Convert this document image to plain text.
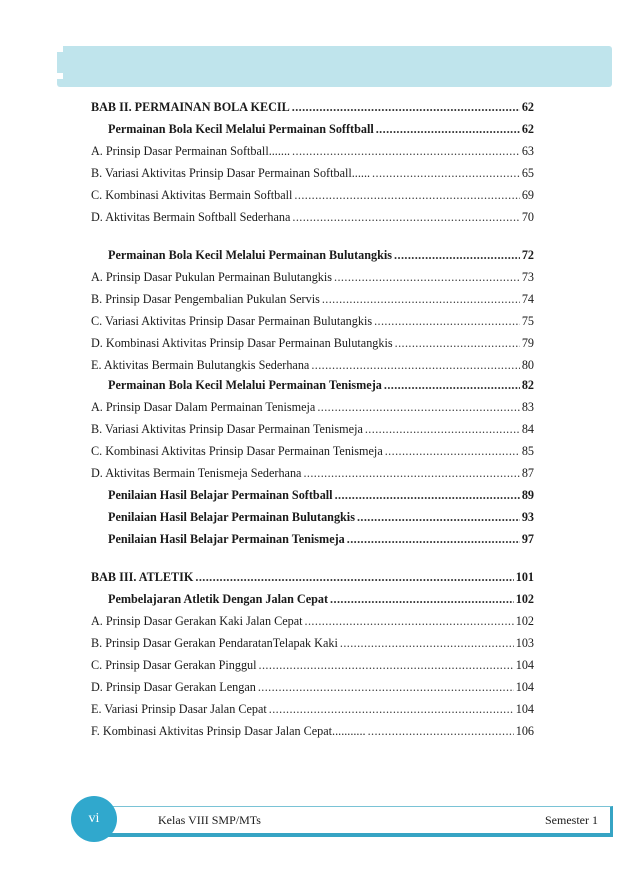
BAB II. PERMAINAN BOLA KECIL .....	62
Permainan Bola Kecil Melalui Permainan Sofftball .....	62
A. Prinsip Dasar Permainan Softball....... .....	63
B. Variasi Aktivitas Prinsip Dasar Permainan Softball...... .....	65
C. Kombinasi Aktivitas Bermain Softball .....	69
D. Aktivitas Bermain Softball Sederhana .....	70
Permainan Bola Kecil Melalui Permainan Bulutangkis .....	72
A. Prinsip Dasar Pukulan Permainan Bulutangkis .....	73
B. Prinsip Dasar Pengembalian Pukulan Servis .....	74
C. Variasi Aktivitas Prinsip Dasar Permainan Bulutangkis .....	75
D. Kombinasi Aktivitas Prinsip Dasar Permainan Bulutangkis .....	79
E. Aktivitas Bermain Bulutangkis Sederhana .....	80
Permainan Bola Kecil Melalui Permainan Tenismeja .....	82
A. Prinsip Dasar Dalam Permainan Tenismeja .....	83
B. Variasi Aktivitas Prinsip Dasar Permainan Tenismeja .....	84
C. Kombinasi Aktivitas Prinsip Dasar Permainan Tenismeja .....	85
D. Aktivitas Bermain Tenismeja Sederhana .....	87
Penilaian Hasil Belajar Permainan Softball .....	89
Penilaian Hasil Belajar Permainan Bulutangkis .....	93
Penilaian Hasil Belajar Permainan Tenismeja .....	97
BAB III. ATLETIK .....	101
Pembelajaran Atletik Dengan Jalan Cepat .....	102
A. Prinsip Dasar Gerakan Kaki Jalan Cepat .....	102
B. Prinsip Dasar Gerakan PendaratanTelapak Kaki .....	103
C. Prinsip Dasar Gerakan Pinggul .....	104
D. Prinsip Dasar Gerakan Lengan .....	104
E. Variasi Prinsip Dasar Jalan Cepat .....	104
F. Kombinasi Aktivitas Prinsip Dasar Jalan Cepat........... .....	106
Kelas VIII SMP/MTs	Semester 1
vi
